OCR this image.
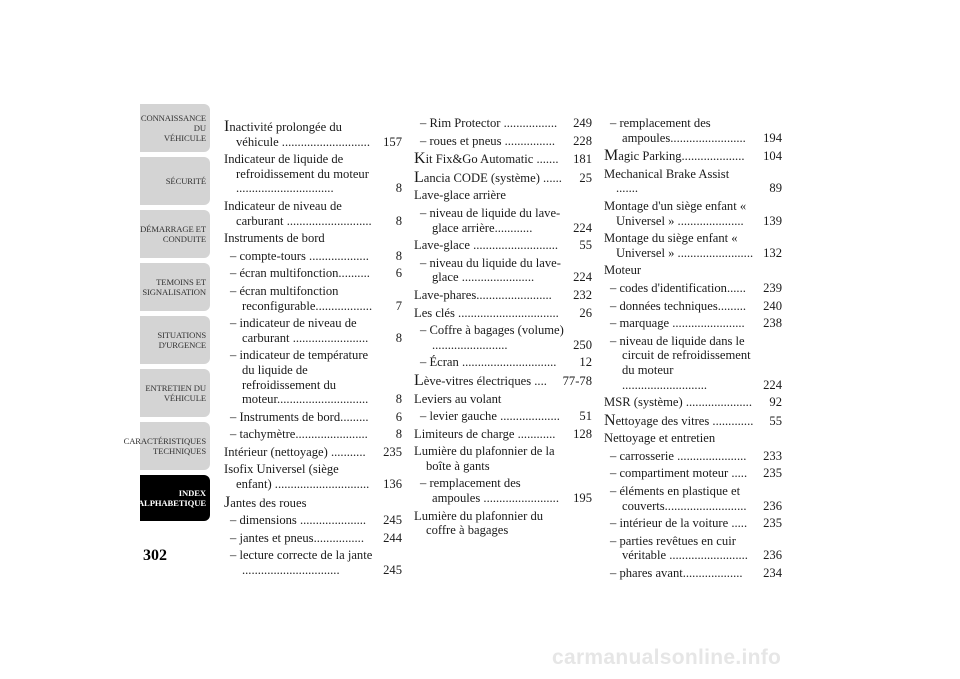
CONNAISSANCE DU
VÉHICULE
SÉCURITÉ
DÉMARRAGE ET
CONDUITE
TEMOINS ET
SIGNALISATION
SITUATIONS
D'URGENCE
ENTRETIEN DU
VÉHICULE
CARACTÉRISTIQUES
TECHNIQUES
INDEX
ALPHABETIQUE
302
Inactivité prolongée du véhicule ............................	157
Indicateur de liquide de refroidissement du moteur ...............................	8
Indicateur de niveau de carburant ...........................	8
Instruments de bord
– compte-tours ...................	8
– écran multifonction..........	6
– écran multifonction reconfigurable..................	7
– indicateur de niveau de carburant ........................	8
– indicateur de température du liquide de refroidissement du moteur.............................	8
– Instruments de bord.........	6
– tachymètre.......................	8
Intérieur (nettoyage) ...........	235
Isofix Universel (siège enfant) ..............................	136
Jantes des roues
– dimensions .....................	245
– jantes et pneus................	244
– lecture correcte de la jante ...............................	245
– Rim Protector .................	249
– roues et pneus ................	228
Kit Fix&Go Automatic .......	181
Lancia CODE (système) ......	25
Lave-glace arrière
– niveau de liquide du lave-glace arrière............	224
Lave-glace ...........................	55
– niveau du liquide du lave-glace .......................	224
Lave-phares........................	232
Les clés ................................	26
– Coffre à bagages (volume) ........................	250
– Écran ..............................	12
Lève-vitres électriques ....	77-78
Leviers au volant
– levier gauche ...................	51
Limiteurs de charge ............	128
Lumière du plafonnier de la boîte à gants
– remplacement des ampoules ........................	195
Lumière du plafonnier du coffre à bagages
– remplacement des ampoules........................	194
Magic Parking....................	104
Mechanical Brake Assist .......	89
Montage d'un siège enfant « Universel » .....................	139
Montage du siège enfant « Universel » ........................ 132
Moteur
– codes d'identification......	239
– données techniques.........	240
– marquage .......................	238
– niveau de liquide dans le circuit de refroidissement du moteur ...........................	224
MSR (système) .....................	92
Nettoyage des vitres .............	55
Nettoyage et entretien
– carrosserie ......................	233
– compartiment moteur .....	235
– éléments en plastique et couverts..........................	236
– intérieur de la voiture .....	235
– parties revêtues en cuir véritable .........................	236
– phares avant...................	234
carmanualsonline.info
